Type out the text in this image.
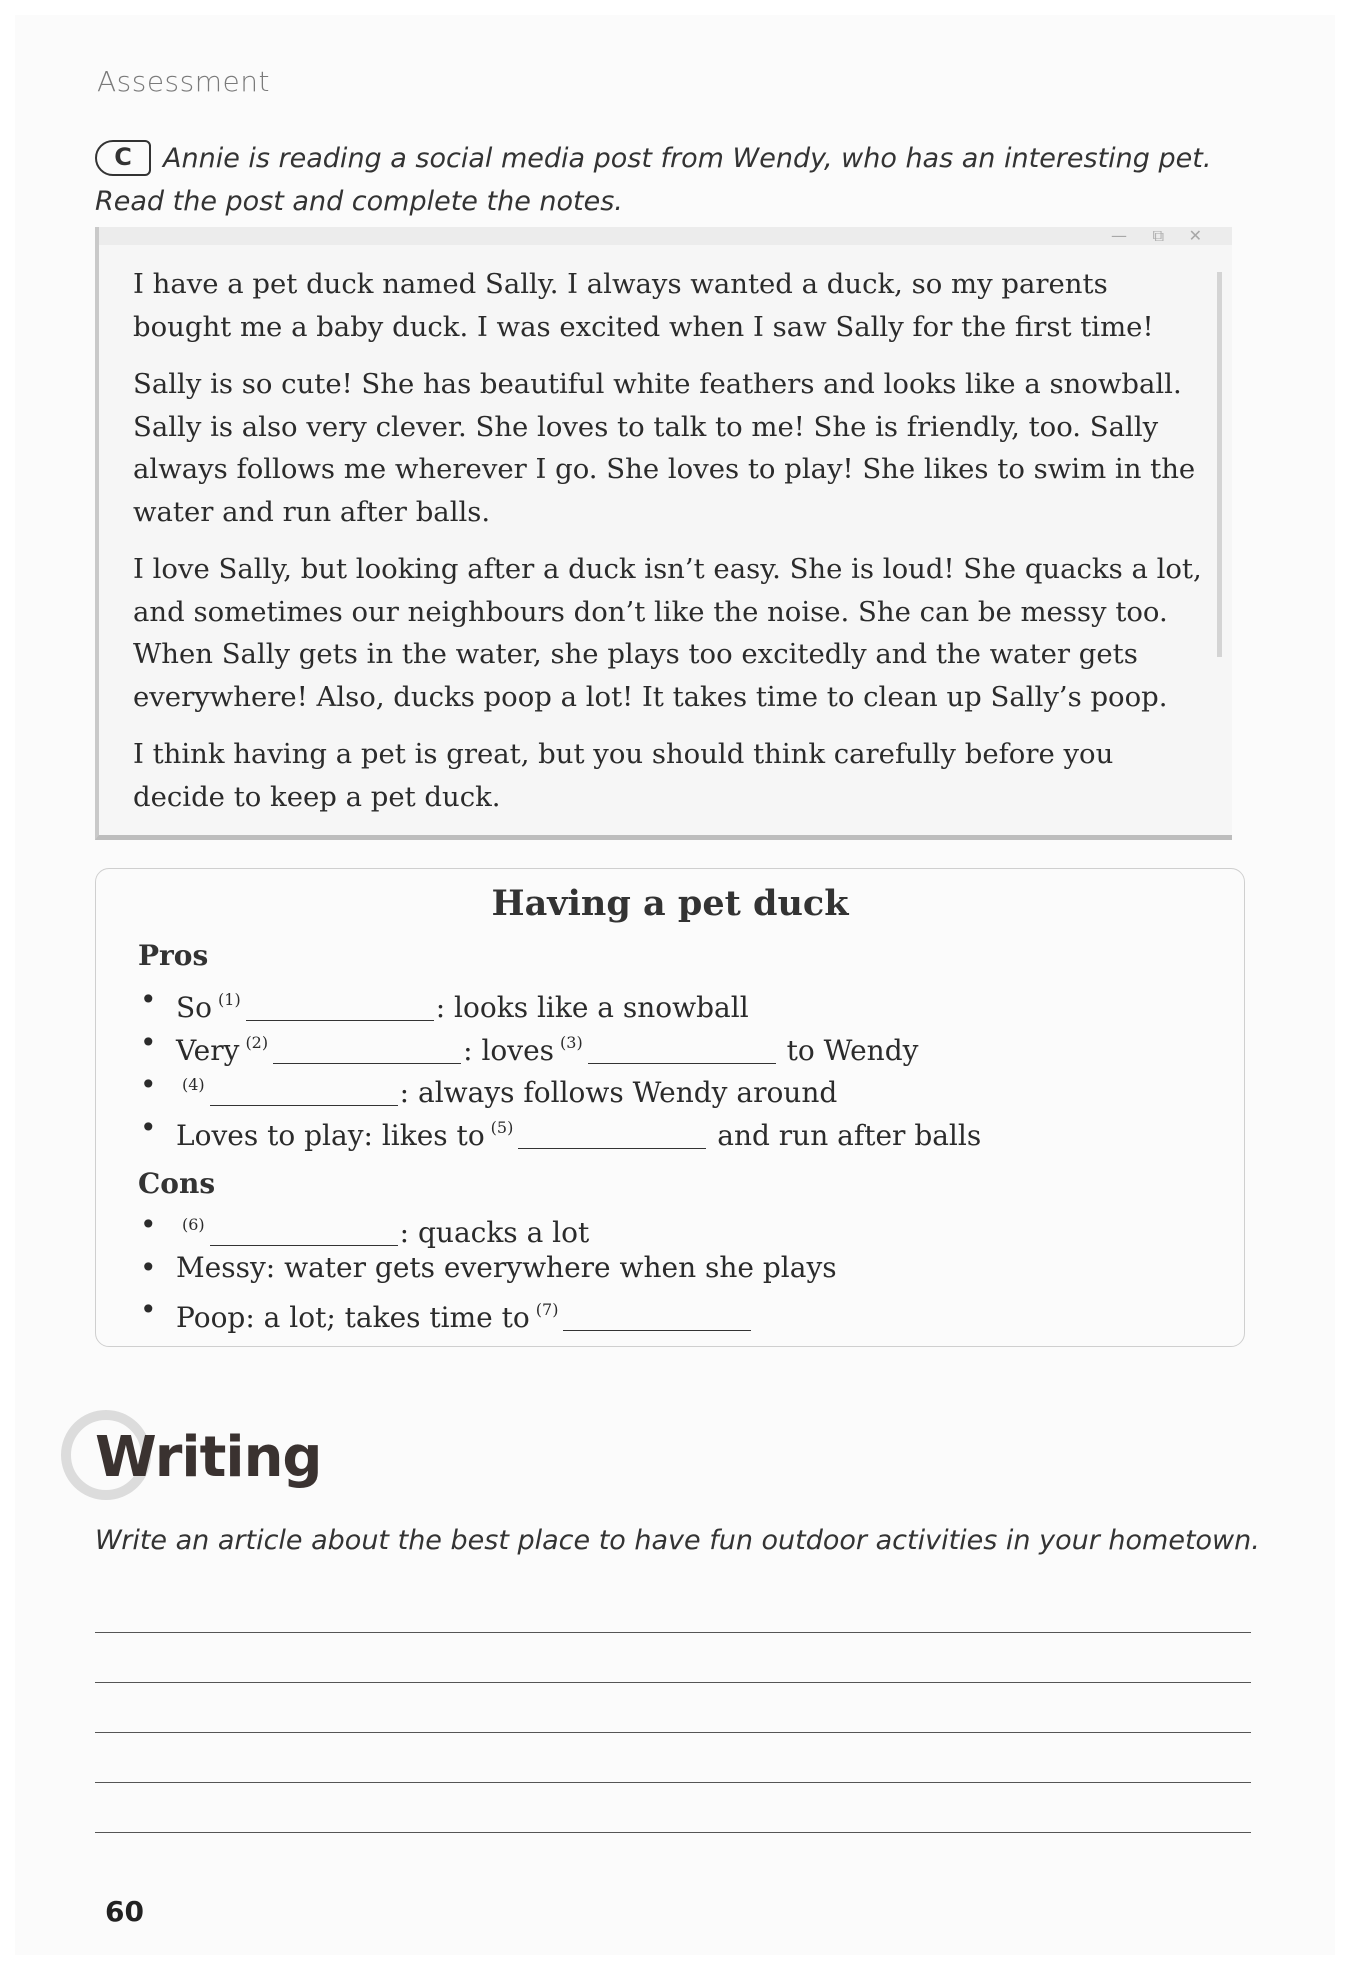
Assessment
C Annie is reading a social media post from Wendy, who has an interesting pet.
Read the post and complete the notes.
— ⧉ ✕

I have a pet duck named Sally. I always wanted a duck, so my parents bought me a baby duck. I was excited when I saw Sally for the first time!

Sally is so cute! She has beautiful white feathers and looks like a snowball. Sally is also very clever. She loves to talk to me! She is friendly, too. Sally always follows me wherever I go. She loves to play! She likes to swim in the water and run after balls.

I love Sally, but looking after a duck isn’t easy. She is loud! She quacks a lot, and sometimes our neighbours don’t like the noise. She can be messy too. When Sally gets in the water, she plays too excitedly and the water gets everywhere! Also, ducks poop a lot! It takes time to clean up Sally’s poop.

I think having a pet is great, but you should think carefully before you decide to keep a pet duck.

Having a pet duck
Pros
• So $^{(1)}$	: looks like a snowball
• Very $^{(2)}$	: loves $^{(3)}$	to Wendy
• $^{(4)}$	: always follows Wendy around
• Loves to play: likes to $^{(5)}$	and run after balls
Cons
• $^{(6)}$	: quacks a lot
• Messy: water gets everywhere when she plays
• Poop: a lot; takes time to $^{(7)}$
Writing
Write an article about the best place to have fun outdoor activities in your hometown.
60
